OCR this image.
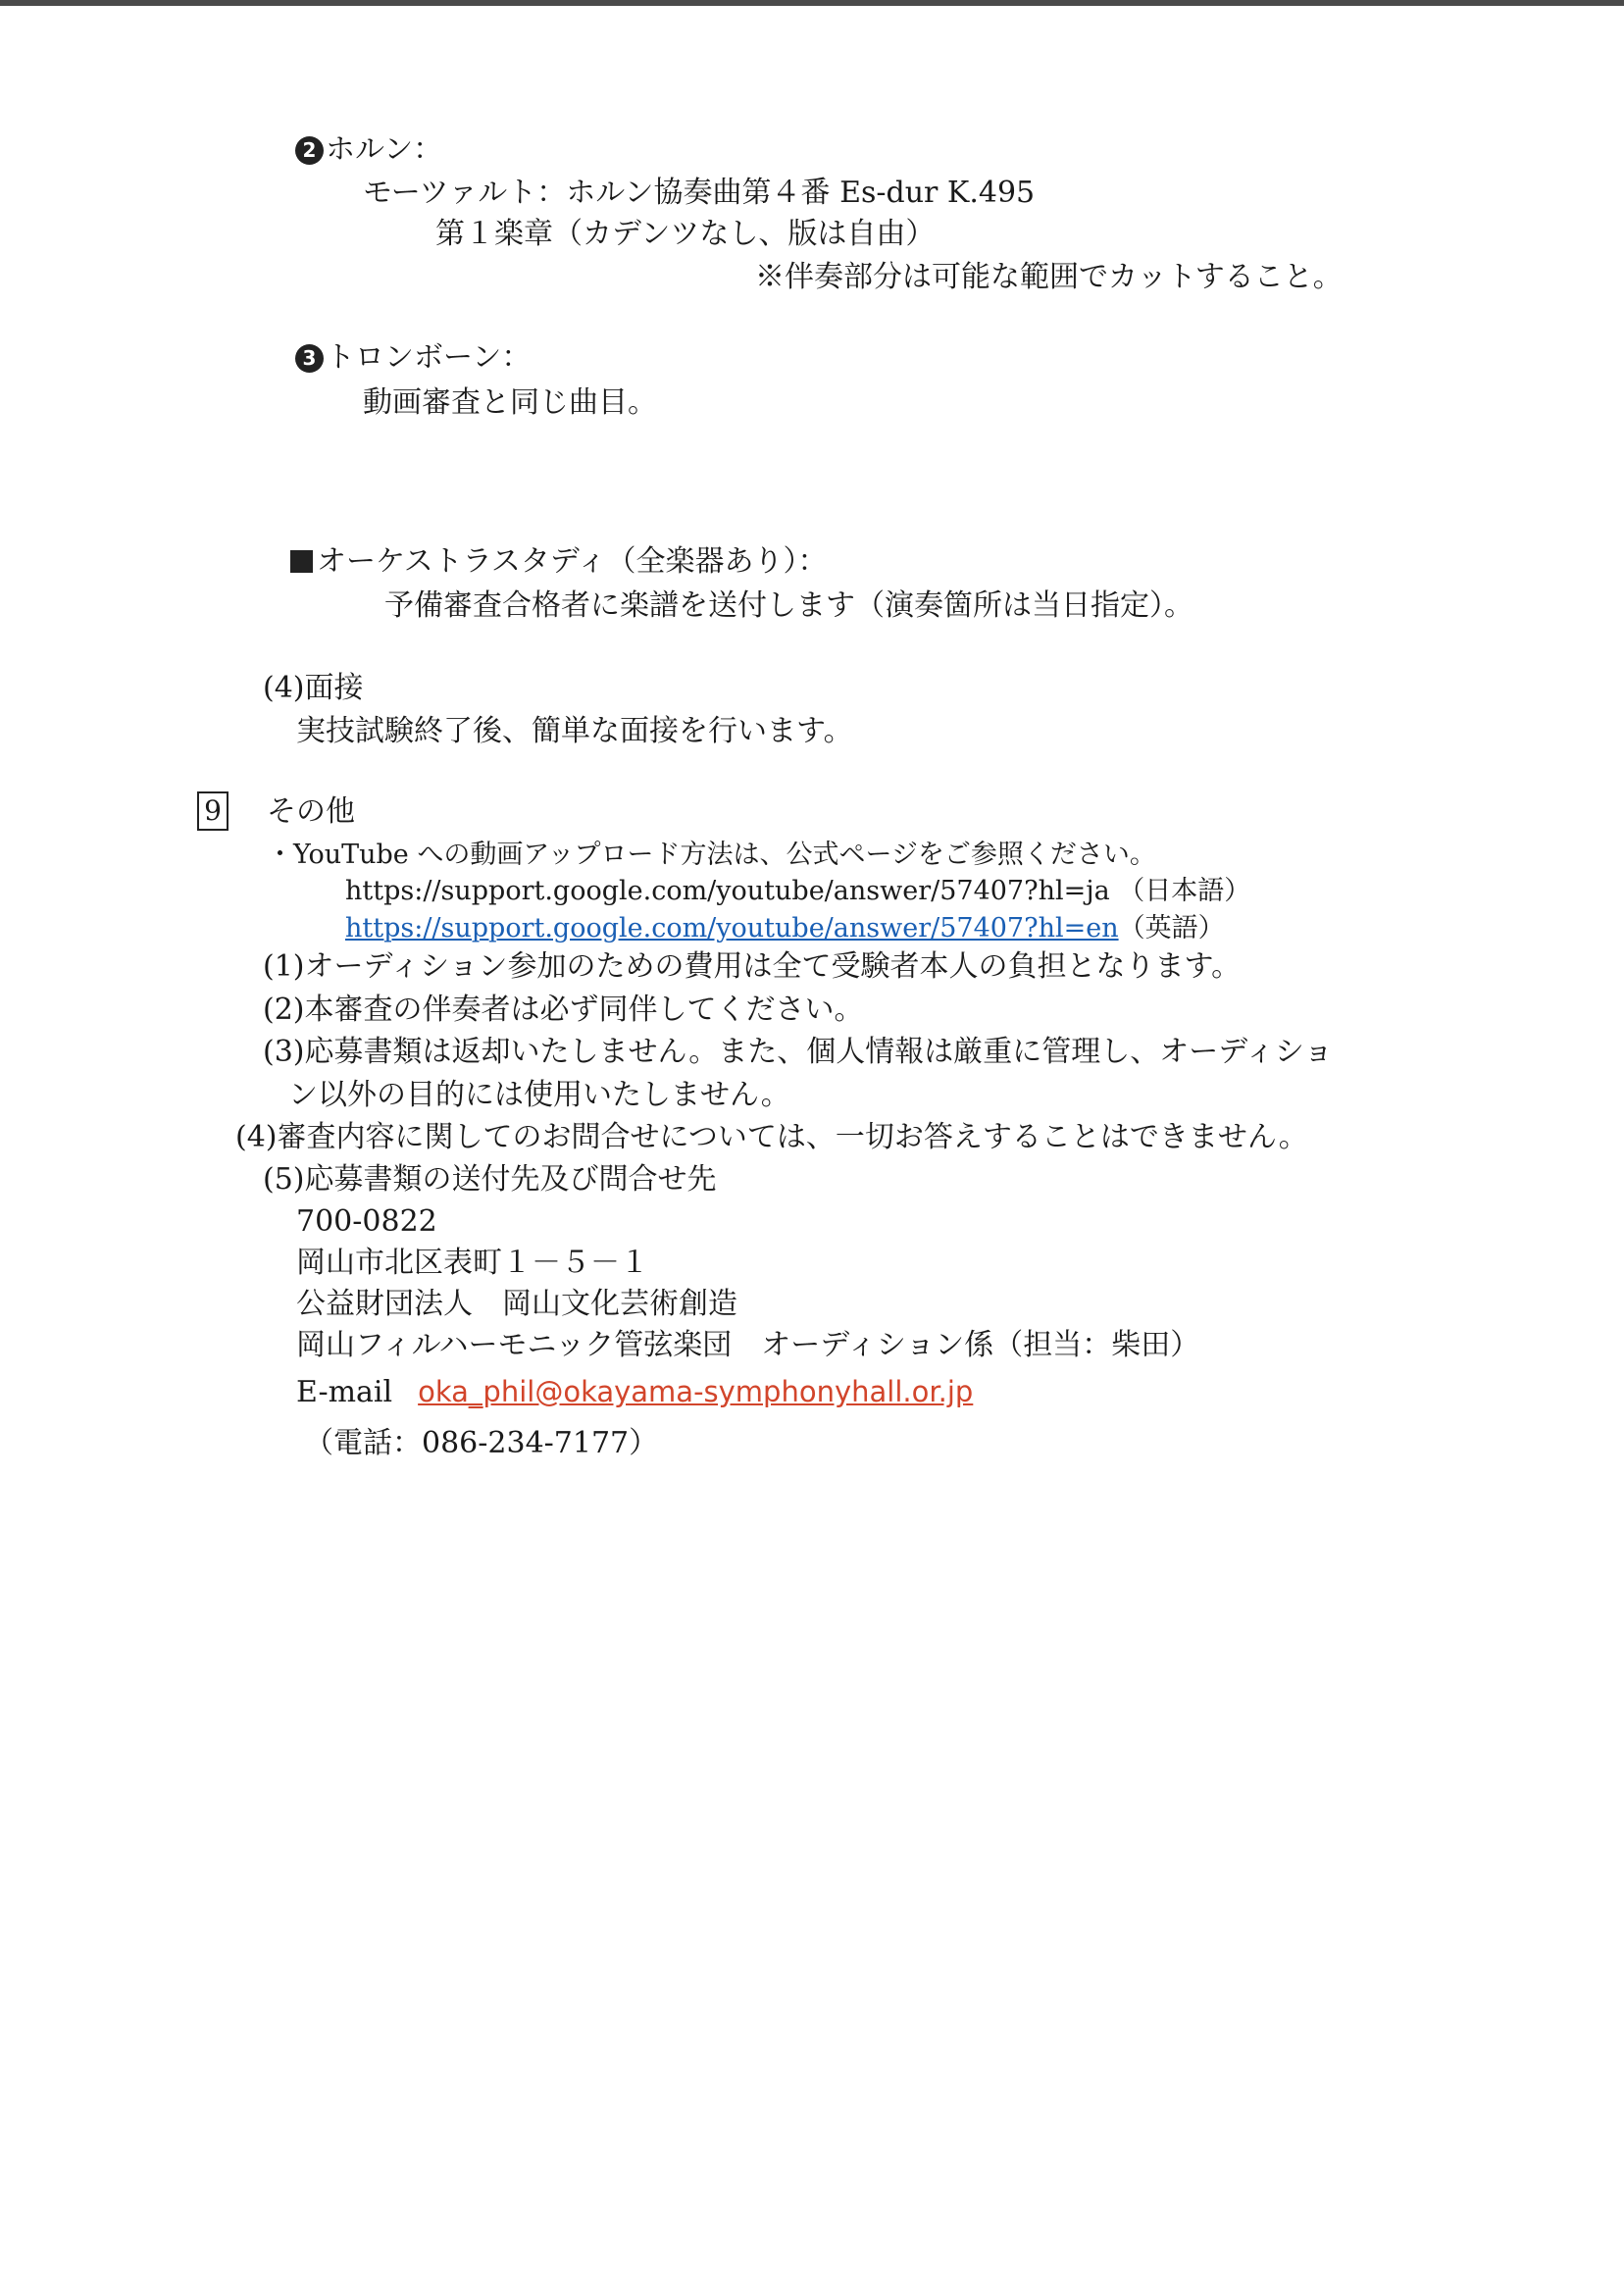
2 ホルン：
モーツァルト：ホルン協奏曲第４番 Es-dur K.495
第１楽章（カデンツなし、版は自由）
※伴奏部分は可能な範囲でカットすること。
3 トロンボーン：
動画審査と同じ曲目。
オーケストラスタディ（全楽器あり）：
予備審査合格者に楽譜を送付します（演奏箇所は当日指定）。
(4)面接
実技試験終了後、簡単な面接を行います。
9 その他
・YouTube への動画アップロード方法は、公式ページをご参照ください。
https://support.google.com/youtube/answer/57407?hl=ja （日本語）
https://support.google.com/youtube/answer/57407?hl=en（英語）
(1)オーディション参加のための費用は全て受験者本人の負担となります。
(2)本審査の伴奏者は必ず同伴してください。
(3)応募書類は返却いたしません。また、個人情報は厳重に管理し、オーディショ
ン以外の目的には使用いたしません。
(4)審査内容に関してのお問合せについては、一切お答えすることはできません。
(5)応募書類の送付先及び問合せ先
700-0822
岡山市北区表町１－５－１
公益財団法人　岡山文化芸術創造
岡山フィルハーモニック管弦楽団　オーディション係（担当：柴田）
E-mail oka_phil@okayama-symphonyhall.or.jp
（電話：086-234-7177）
